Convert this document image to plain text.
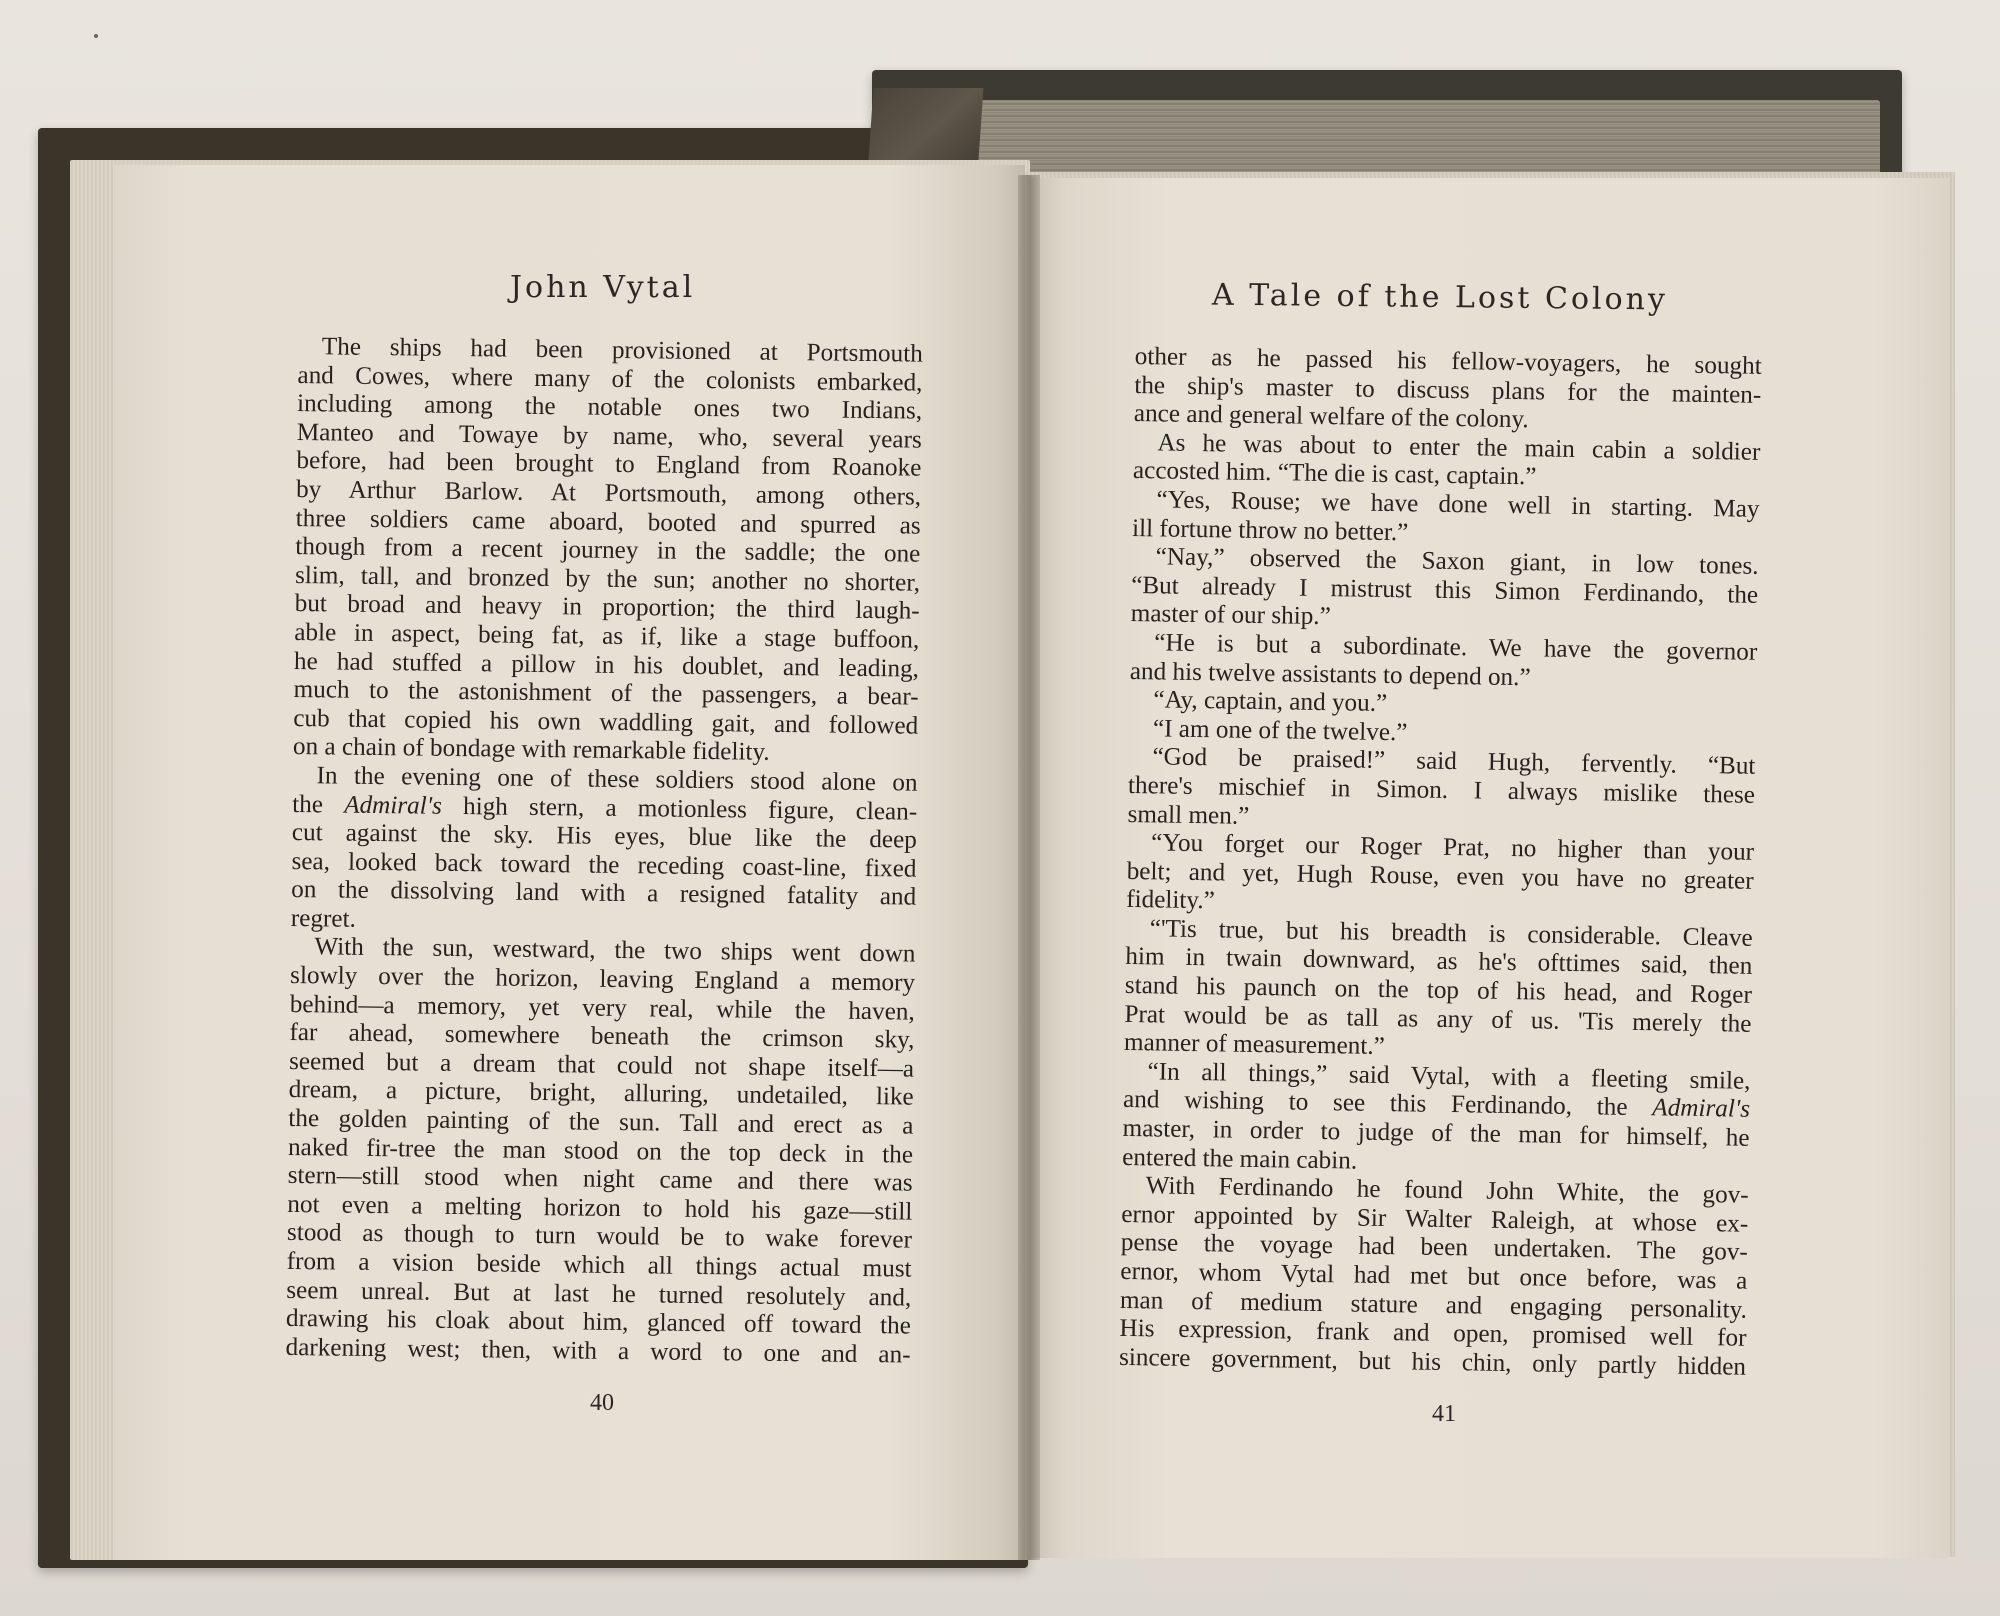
John Vytal	A Tale of the Lost Colony
The ships had been provisioned at Portsmouth
and Cowes, where many of the colonists embarked,
including among the notable ones two Indians,
Manteo and Towaye by name, who, several years
before, had been brought to England from Roanoke
by Arthur Barlow. At Portsmouth, among others,
three soldiers came aboard, booted and spurred as
though from a recent journey in the saddle; the one
slim, tall, and bronzed by the sun; another no shorter,
but broad and heavy in proportion; the third laugh-
able in aspect, being fat, as if, like a stage buffoon,
he had stuffed a pillow in his doublet, and leading,
much to the astonishment of the passengers, a bear-
cub that copied his own waddling gait, and followed
on a chain of bondage with remarkable fidelity.
In the evening one of these soldiers stood alone on
the Admiral's high stern, a motionless figure, clean-
cut against the sky. His eyes, blue like the deep
sea, looked back toward the receding coast-line, fixed
on the dissolving land with a resigned fatality and
regret.
With the sun, westward, the two ships went down
slowly over the horizon, leaving England a memory
behind—a memory, yet very real, while the haven,
far ahead, somewhere beneath the crimson sky,
seemed but a dream that could not shape itself—a
dream, a picture, bright, alluring, undetailed, like
the golden painting of the sun. Tall and erect as a
naked fir-tree the man stood on the top deck in the
stern—still stood when night came and there was
not even a melting horizon to hold his gaze—still
stood as though to turn would be to wake forever
from a vision beside which all things actual must
seem unreal. But at last he turned resolutely and,
drawing his cloak about him, glanced off toward the
darkening west; then, with a word to one and an-
other as he passed his fellow-voyagers, he sought
the ship's master to discuss plans for the mainten-
ance and general welfare of the colony.
As he was about to enter the main cabin a soldier
accosted him. “The die is cast, captain.”
“Yes, Rouse; we have done well in starting. May
ill fortune throw no better.”
“Nay,” observed the Saxon giant, in low tones.
“But already I mistrust this Simon Ferdinando, the
master of our ship.”
“He is but a subordinate. We have the governor
and his twelve assistants to depend on.”
“Ay, captain, and you.”
“I am one of the twelve.”
“God be praised!” said Hugh, fervently. “But
there's mischief in Simon. I always mislike these
small men.”
“You forget our Roger Prat, no higher than your
belt; and yet, Hugh Rouse, even you have no greater
fidelity.”
“'Tis true, but his breadth is considerable. Cleave
him in twain downward, as he's ofttimes said, then
stand his paunch on the top of his head, and Roger
Prat would be as tall as any of us. 'Tis merely the
manner of measurement.”
“In all things,” said Vytal, with a fleeting smile,
and wishing to see this Ferdinando, the Admiral's
master, in order to judge of the man for himself, he
entered the main cabin.
With Ferdinando he found John White, the gov-
ernor appointed by Sir Walter Raleigh, at whose ex-
pense the voyage had been undertaken. The gov-
ernor, whom Vytal had met but once before, was a
man of medium stature and engaging personality.
His expression, frank and open, promised well for
sincere government, but his chin, only partly hidden
40	41
